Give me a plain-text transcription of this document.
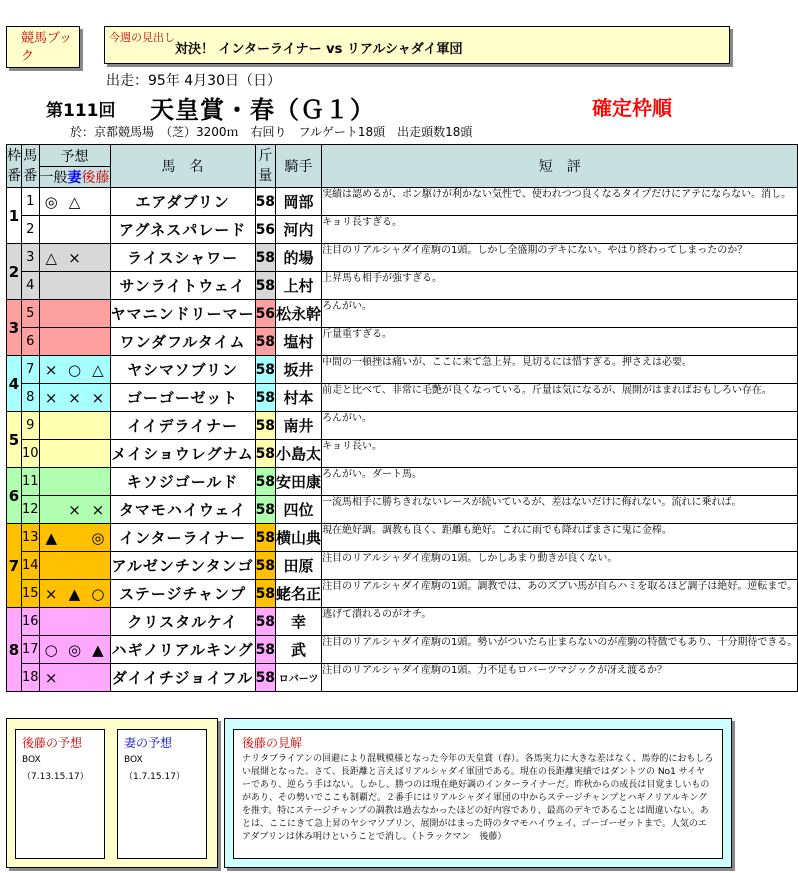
競馬ブック
今週の見出し
対決！ インターライナー vs リアルシャダイ軍団
出走：95年 4月30日（日）
第111回 天皇賞・春（Ｇ１）	確定枠順
於：京都競馬場　（芝）3200ｍ　右回り　フルゲート18頭　出走頭数18頭
枠番	馬番	予想	馬　名	斤量	騎手	短　評

		一般 妻 後藤				

1	1	◎ △	エアダブリン	58	岡部	実績は認めるが、ポン駆けが利かない気性で、使われつつ良くなるタイプだけにアテにならない。消し。
	2		アグネスパレード	56	河内	キョリ長すぎる。
2	3	△ ×	ライスシャワー	58	的場	注目のリアルシャダイ産駒の1頭。しかし全盛期のデキにない。やはり終わってしまったのか？
	4		サンライトウェイ	58	上村	上昇馬も相手が強すぎる。
3	5		ヤマニンドリーマー	56	松永幹	ろんがい。
	6		ワンダフルタイム	58	塩村	斤量重すぎる。
4	7	× ○ △	ヤシマソブリン	58	坂井	中間の一頓挫は痛いが、ここに来て急上昇。見切るには惜すぎる。押さえは必要。
	8	× × ×	ゴーゴーゼット	58	村本	前走と比べて、非常に毛艶が良くなっている。斤量は気になるが、展開がはまればおもしろい存在。
5	9		イイデライナー	58	南井	ろんがい。
	10		メイショウレグナム	58	小島太	キョリ長い。
6	11		キソジゴールド	58	安田康	ろんがい。ダート馬。
	12	× ×	タマモハイウェイ	58	四位	一流馬相手に勝ちきれないレースが続いているが、差はないだけに侮れない。流れに乗れば。
7	13	▲ ◎	インターライナー	58	横山典	現在絶好調。調教も良く、距離も絶好。これに雨でも降ればまさに鬼に金棒。
	14		アルゼンチンタンゴ	58	田原	注目のリアルシャダイ産駒の1頭。しかしあまり動きが良くない。
	15	× ▲ ○	ステージチャンプ	58	蛯名正	注目のリアルシャダイ産駒の1頭。調教では、あのズブい馬が自らハミを取るほど調子は絶好。逆転まで。
8	16		クリスタルケイ	58	幸	逃げて潰れるのがオチ。
	17	○ ◎ ▲	ハギノリアルキング	58	武	注目のリアルシャダイ産駒の1頭。勢いがついたら止まらないのが産駒の特徴でもあり、十分期待できる。
	18	×	ダイイチジョイフル	58	ロバーツ	注目のリアルシャダイ産駒の1頭。力不足もロバーツマジックが冴え渡るか？
後藤の予想
BOX
（7.13.15.17）
妻の予想
BOX
（1.7.15.17）
後藤の見解
ナリタブライアンの回避により混戦模様となった今年の天皇賞（春）。各馬実力に大きな差はなく、馬券的におもしろい展開となった。さて、長距離と言えばリアルシャダイ軍団である。現在の長距離実績ではダントツの No1 サイヤーであり、逆らう手はない。しかし、勝つのは現在絶好調のインターライナーだ。昨秋からの成長は目覚ましいものがあり、その勢いでここも制覇だ。２番手にはリアルシャダイ軍団の中からステージチャンプとハギノリアルキングを推す。特にステージチャンプの調教は過去なかったほどの好内容であり、最高のデキであることは間違いない。あとは、ここにきて急上昇のヤシマソブリン、展開がはまった時のタマモハイウェイ、ゴーゴーゼットまで。人気のエアダブリンは休み明けということで消し。（トラックマン　後藤）
